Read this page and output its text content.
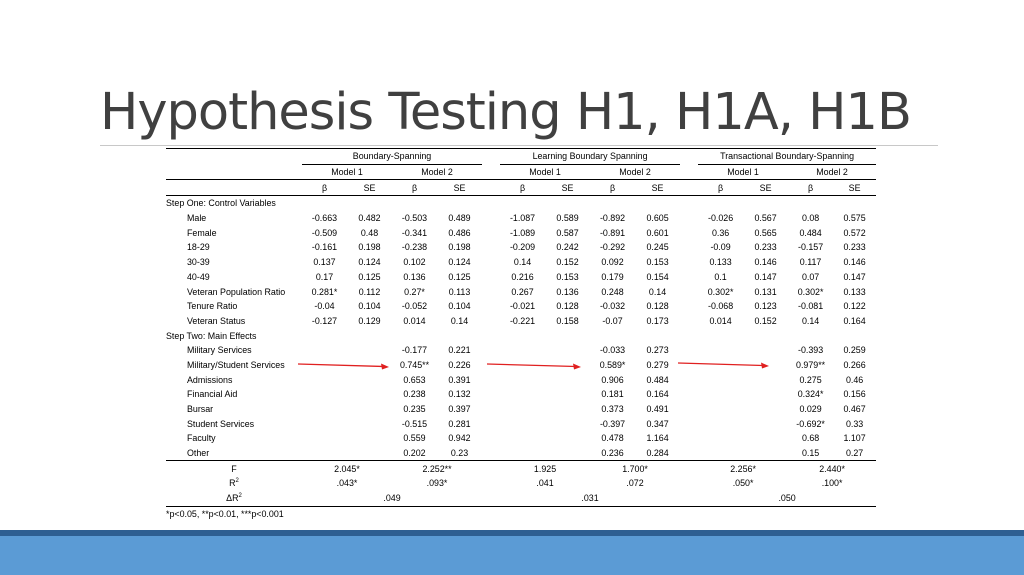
Hypothesis Testing H1, H1A, H1B
	Boundary-Spanning					Learning Boundary Spanning					Transactional Boundary-Spanning			
	Model 1		Model 2			Model 1		Model 2			Model 1		Model 2	
	β	SE	β	SE		β	SE	β	SE		β	SE	β	SE
Step One: Control Variables														
Male	-0.663	0.482	-0.503	0.489		-1.087	0.589	-0.892	0.605		-0.026	0.567	0.08	0.575
Female	-0.509	0.48	-0.341	0.486		-1.089	0.587	-0.891	0.601		0.36	0.565	0.484	0.572
18-29	-0.161	0.198	-0.238	0.198		-0.209	0.242	-0.292	0.245		-0.09	0.233	-0.157	0.233
30-39	0.137	0.124	0.102	0.124		0.14	0.152	0.092	0.153		0.133	0.146	0.117	0.146
40-49	0.17	0.125	0.136	0.125		0.216	0.153	0.179	0.154		0.1	0.147	0.07	0.147
Veteran Population Ratio	0.281*	0.112	0.27*	0.113		0.267	0.136	0.248	0.14		0.302*	0.131	0.302*	0.133
Tenure Ratio	-0.04	0.104	-0.052	0.104		-0.021	0.128	-0.032	0.128		-0.068	0.123	-0.081	0.122
Veteran Status	-0.127	0.129	0.014	0.14		-0.221	0.158	-0.07	0.173		0.014	0.152	0.14	0.164
Step Two: Main Effects														
Military Services			-0.177	0.221				-0.033	0.273				-0.393	0.259
Military/Student Services			0.745**	0.226				0.589*	0.279				0.979**	0.266
Admissions			0.653	0.391				0.906	0.484				0.275	0.46
Financial Aid			0.238	0.132				0.181	0.164				0.324*	0.156
Bursar			0.235	0.397				0.373	0.491				0.029	0.467
Student Services			-0.515	0.281				-0.397	0.347				-0.692*	0.33
Faculty			0.559	0.942				0.478	1.164				0.68	1.107
Other			0.202	0.23				0.236	0.284				0.15	0.27
F	2.045*		2.252**			1.925		1.700*			2.256*		2.440*	
$R^2$	.043*		.093*			.041		.072			.050*		.100*	
$\Delta R^2$	.049					.031					.050			
*p<0.05, **p<0.01, ***p<0.001														
